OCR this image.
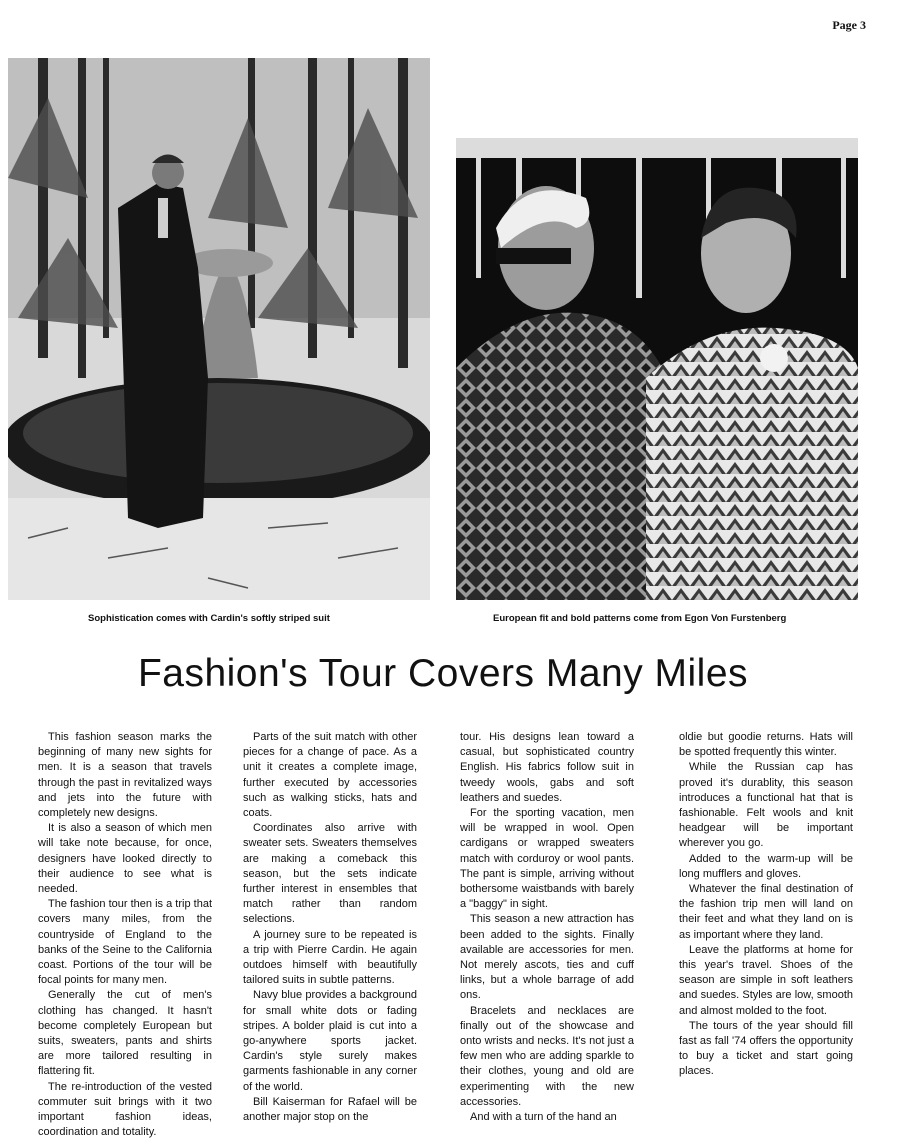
Page 3
Sophistication comes with Cardin's softly striped suit	European fit and bold patterns come from Egon Von Furstenberg
Fashion's Tour Covers Many Miles

This fashion season marks the beginning of many new sights for men. It is a season that travels through the past in revitalized ways and jets into the future with completely new designs.

It is also a season of which men will take note because, for once, designers have looked directly to their audience to see what is needed.

The fashion tour then is a trip that covers many miles, from the countryside of England to the banks of the Seine to the California coast. Portions of the tour will be focal points for many men.

Generally the cut of men's clothing has changed. It hasn't become completely European but suits, sweaters, pants and shirts are more tailored resulting in flattering fit.

The re-introduction of the vested commuter suit brings with it two important fashion ideas, coordination and totality.

Parts of the suit match with other pieces for a change of pace. As a unit it creates a complete image, further executed by accessories such as walking sticks, hats and coats.

Coordinates also arrive with sweater sets. Sweaters themselves are making a comeback this season, but the sets indicate further interest in ensembles that match rather than random selections.

A journey sure to be repeated is a trip with Pierre Cardin. He again outdoes himself with beautifully tailored suits in subtle patterns.

Navy blue provides a background for small white dots or fading stripes. A bolder plaid is cut into a go-anywhere sports jacket. Cardin's style surely makes garments fashionable in any corner of the world.

Bill Kaiserman for Rafael will be another major stop on the

tour. His designs lean toward a casual, but sophisticated country English. His fabrics follow suit in tweedy wools, gabs and soft leathers and suedes.

For the sporting vacation, men will be wrapped in wool. Open cardigans or wrapped sweaters match with corduroy or wool pants. The pant is simple, arriving without bothersome waistbands with barely a "baggy" in sight.

This season a new attraction has been added to the sights. Finally available are accessories for men. Not merely ascots, ties and cuff links, but a whole barrage of add ons.

Bracelets and necklaces are finally out of the showcase and onto wrists and necks. It's not just a few men who are adding sparkle to their clothes, young and old are experimenting with the new accessories.

And with a turn of the hand an

oldie but goodie returns. Hats will be spotted frequently this winter.

While the Russian cap has proved it's durablity, this season introduces a functional hat that is fashionable. Felt wools and knit headgear will be important wherever you go.

Added to the warm-up will be long mufflers and gloves.

Whatever the final destination of the fashion trip men will land on their feet and what they land on is as important where they land.

Leave the platforms at home for this year's travel. Shoes of the season are simple in soft leathers and suedes. Styles are low, smooth and almost molded to the foot.

The tours of the year should fill fast as fall '74 offers the opportunity to buy a ticket and start going places.
